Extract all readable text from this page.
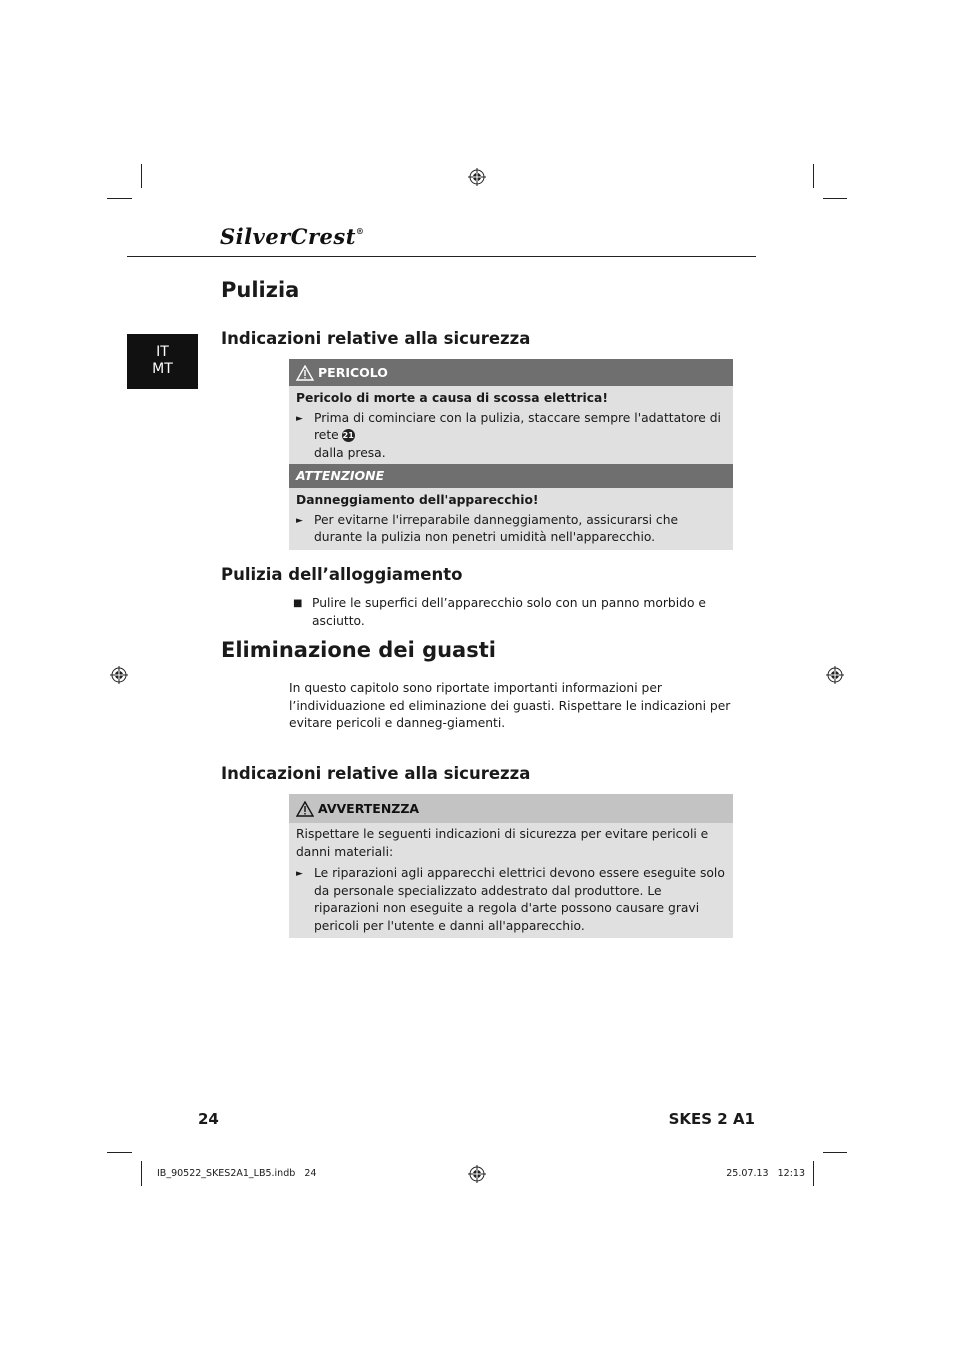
SilverCrest®
IT
MT
Pulizia
Indicazioni relative alla sicurezza
PERICOLO
Pericolo di morte a causa di scossa elettrica!
► Prima di cominciare con la pulizia, staccare sempre l'adattatore di rete 21
dalla presa.
ATTENZIONE
Danneggiamento dell'apparecchio!
► Per evitarne l'irreparabile danneggiamento, assicurarsi che durante la pulizia non penetri umidità nell'apparecchio.
Pulizia dell’alloggiamento
■ Pulire le superfici dell’apparecchio solo con un panno morbido e asciutto.
Eliminazione dei guasti
In questo capitolo sono riportate importanti informazioni per l’individuazione ed eliminazione dei guasti. Rispettare le indicazioni per evitare pericoli e danneg-giamenti.
Indicazioni relative alla sicurezza
AVVERTENZZA
Rispettare le seguenti indicazioni di sicurezza per evitare pericoli e danni materiali:
► Le riparazioni agli apparecchi elettrici devono essere eseguite solo da personale specializzato addestrato dal produttore. Le riparazioni non eseguite a regola d'arte possono causare gravi pericoli per l'utente e danni all'apparecchio.
24	SKES 2 A1
IB_90522_SKES2A1_LB5.indb   24	25.07.13   12:13
